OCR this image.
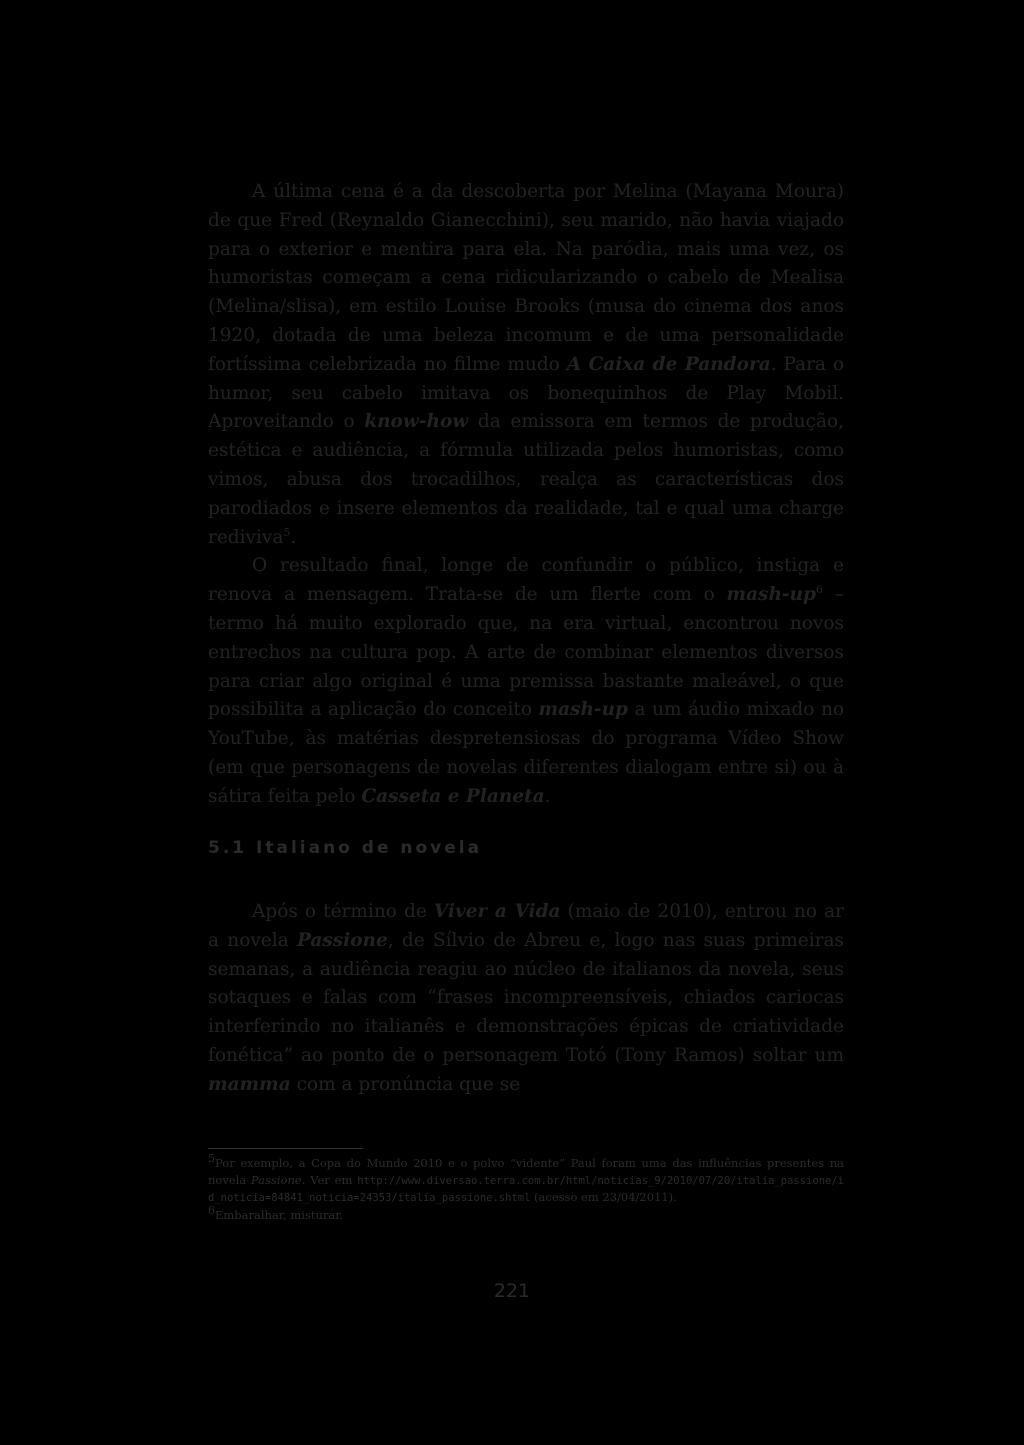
A última cena é a da descoberta por Melina (Mayana Moura) de que Fred (Reynaldo Gianecchini), seu marido, não havia viajado para o exterior e mentira para ela. Na paródia, mais uma vez, os humoristas começam a cena ridicularizando o cabelo de Mealisa (Melina/slisa), em estilo Louise Brooks (musa do cinema dos anos 1920, dotada de uma beleza incomum e de uma personalidade fortíssima celebrizada no filme mudo A Caixa de Pandora. Para o humor, seu cabelo imitava os bonequinhos de Play Mobil. Aproveitando o know-how da emissora em termos de produção, estética e audiência, a fórmula utilizada pelos humoristas, como vimos, abusa dos trocadilhos, realça as características dos parodiados e insere elementos da realidade, tal e qual uma charge rediviva$^5$.

O resultado final, longe de confundir o público, instiga e renova a mensagem. Trata-se de um flerte com o mash-$up^6$ – termo há muito explorado que, na era virtual, encontrou novos entrechos na cultura pop. A arte de combinar elementos diversos para criar algo original é uma premissa bastante maleável, o que possibilita a aplicação do conceito mash-up a um áudio mixado no YouTube, às matérias despretensiosas do programa Vídeo Show (em que personagens de novelas diferentes dialogam entre si) ou à sátira feita pelo Casseta e Planeta.

5.1 Italiano de novela

Após o término de Viver a Vida (maio de 2010), entrou no ar a novela Passione, de Sílvio de Abreu e, logo nas suas primeiras semanas, a audiência reagiu ao núcleo de italianos da novela, seus sotaques e falas com “frases incompreensíveis, chiados cariocas interferindo no italianês e demonstrações épicas de criatividade fonética” ao ponto de o personagem Totó (Tony Ramos) soltar um mamma com a pronúncia que se

$^5$Por exemplo, a Copa do Mundo 2010 e o polvo “vidente” Paul foram uma das influências presentes na novela Passione. Ver em http://www.diversao.terra.com.br/html/noticias_9/2010/07/20/italia_passione/id_noticia=84841_noticia=24353/italia_passione.shtml (acesso em 23/04/2011).

$^6$Embaralhar, misturar.

221
